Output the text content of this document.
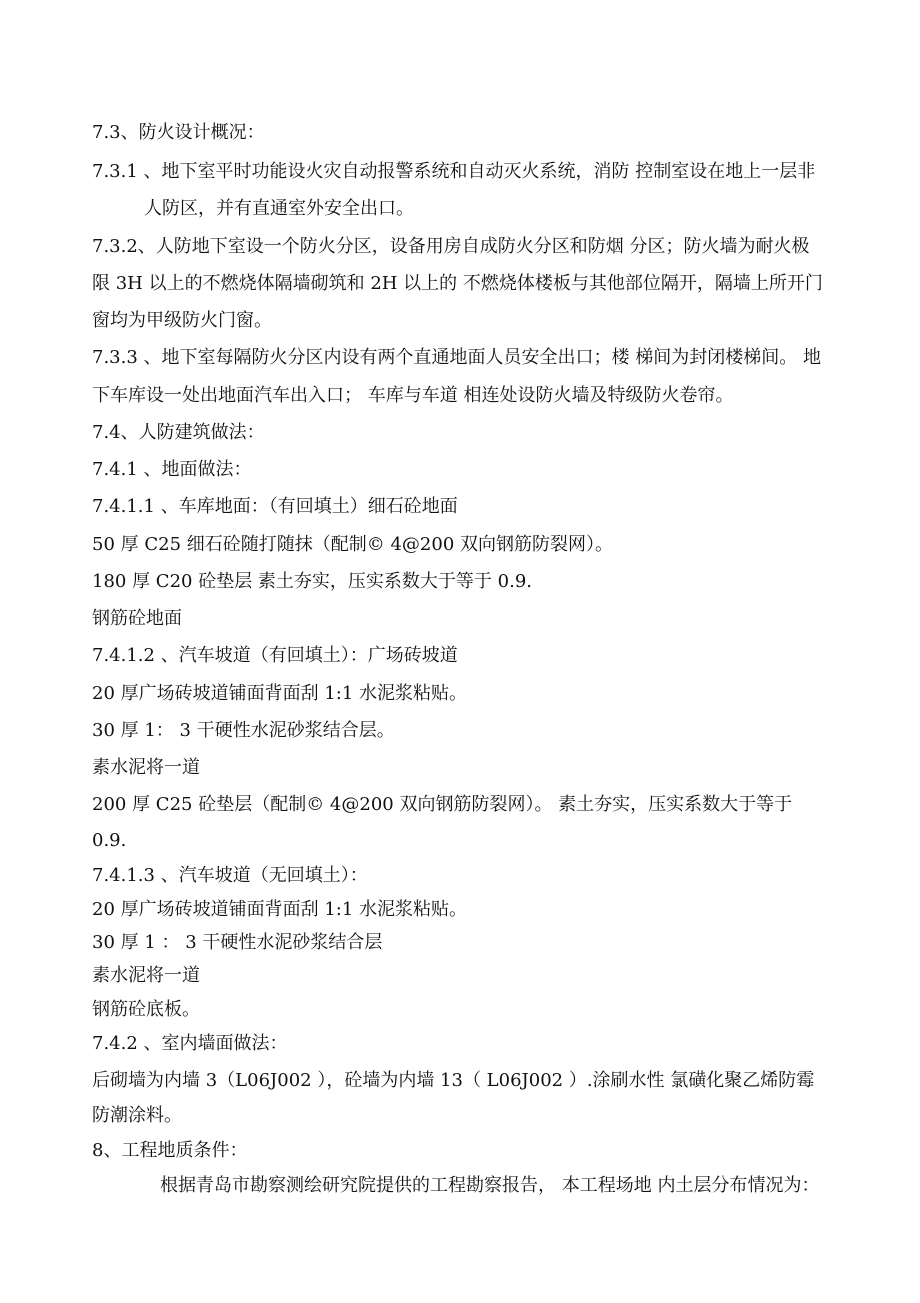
7.3、防火设计概况：
7.3.1 、地下室平时功能设火灾自动报警系统和自动灭火系统，消防 控制室设在地上一层非
人防区，并有直通室外安全出口。
7.3.2、人防地下室设一个防火分区，设备用房自成防火分区和防烟 分区；防火墙为耐火极
限 3H 以上的不燃烧体隔墙砌筑和 2H 以上的 不燃烧体楼板与其他部位隔开，隔墙上所开门
窗均为甲级防火门窗。
7.3.3 、地下室每隔防火分区内设有两个直通地面人员安全出口；楼 梯间为封闭楼梯间。 地
下车库设一处出地面汽车出入口； 车库与车道 相连处设防火墙及特级防火卷帘。
7.4、人防建筑做法：
7.4.1 、地面做法：
7.4.1.1 、车库地面：（有回填土）细石砼地面
50 厚 C25 细石砼随打随抹（配制© 4@200 双向钢筋防裂网）。
180 厚 C20 砼垫层 素土夯实，压实系数大于等于 0.9.
钢筋砼地面
7.4.1.2 、汽车坡道（有回填土）：广场砖坡道
20 厚广场砖坡道铺面背面刮 1:1 水泥浆粘贴。
30 厚 1： 3 干硬性水泥砂浆结合层。
素水泥将一道
200 厚 C25 砼垫层（配制© 4@200 双向钢筋防裂网）。 素土夯实，压实系数大于等于
0.9.
7.4.1.3 、汽车坡道（无回填土）：
20 厚广场砖坡道铺面背面刮 1:1 水泥浆粘贴。
30 厚 1 ： 3 干硬性水泥砂浆结合层
素水泥将一道
钢筋砼底板。
7.4.2 、室内墙面做法：
后砌墙为内墙 3（L06J002 ），砼墙为内墙 13（ L06J002 ）.涂刷水性 氯磺化聚乙烯防霉
防潮涂料。
8、工程地质条件：
根据青岛市勘察测绘研究院提供的工程勘察报告， 本工程场地 内土层分布情况为：
